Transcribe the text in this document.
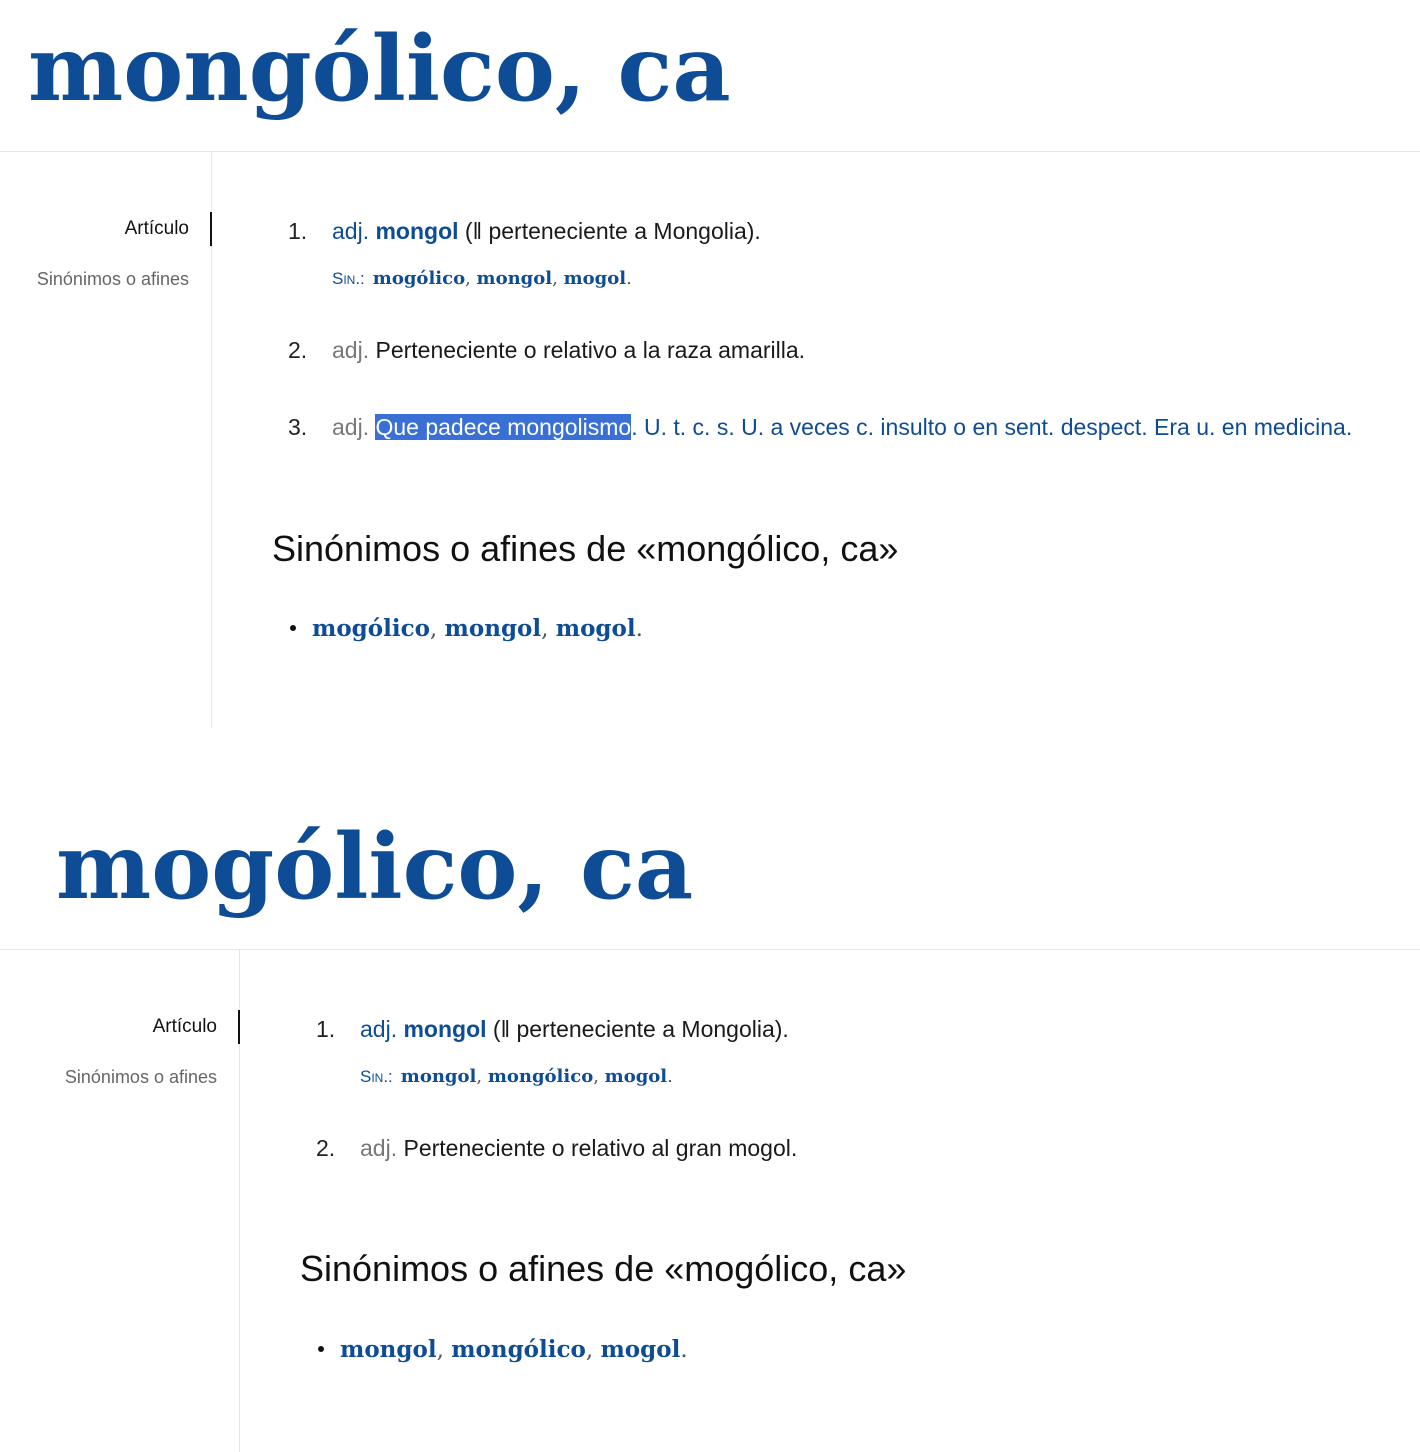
mongólico, ca
Artículo
Sinónimos o afines
1. adj. mongol (‖ perteneciente a Mongolia).
Sin.: mogólico, mongol, mogol.
2. adj. Perteneciente o relativo a la raza amarilla.
3. adj. Que padece mongolismo. U. t. c. s. U. a veces c. insulto o en sent. despect. Era u. en medicina.
Sinónimos o afines de «mongólico, ca»
mogólico, mongol, mogol.
mogólico, ca
Artículo
Sinónimos o afines
1. adj. mongol (‖ perteneciente a Mongolia).
Sin.: mongol, mongólico, mogol.
2. adj. Perteneciente o relativo al gran mogol.
Sinónimos o afines de «mogólico, ca»
mongol, mongólico, mogol.
